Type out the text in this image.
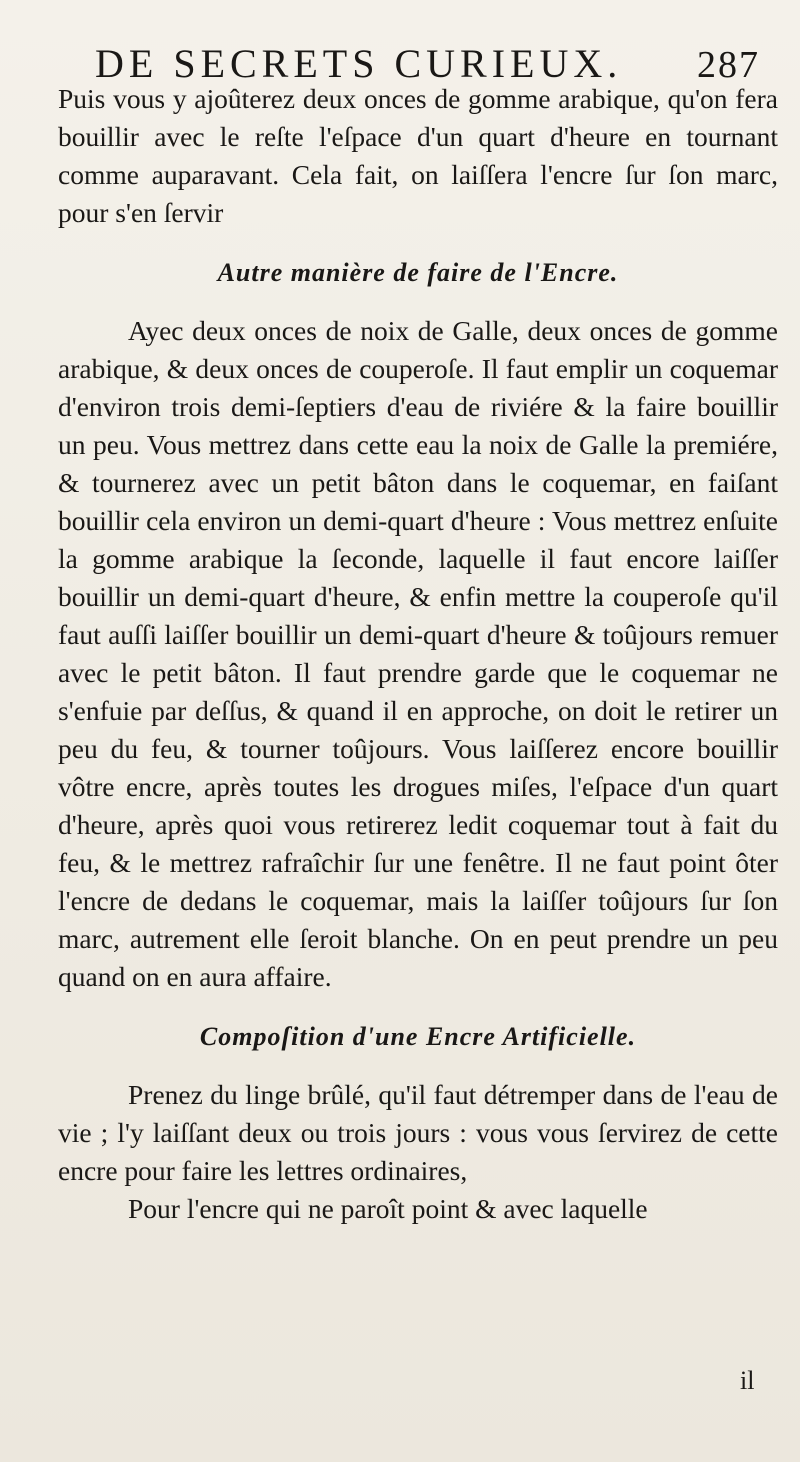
DE SECRETS CURIEUX.	287

Puis vous y ajoûterez deux onces de gomme arabique, qu'on fera bouillir avec le reſte l'eſpace d'un quart d'heure en tournant comme auparavant. Cela fait, on laiſſera l'encre ſur ſon marc, pour s'en ſervir

Autre manière de faire de l'Encre.

Ayec deux onces de noix de Galle, deux onces de gomme arabique, & deux onces de couperoſe. Il faut emplir un coquemar d'environ trois demi-ſeptiers d'eau de riviére & la faire bouillir un peu. Vous mettrez dans cette eau la noix de Galle la premiére, & tournerez avec un petit bâton dans le coquemar, en faiſant bouillir cela environ un demi-quart d'heure : Vous mettrez enſuite la gomme arabique la ſeconde, laquelle il faut encore laiſſer bouillir un demi-quart d'heure, & enfin mettre la couperoſe qu'il faut auſſi laiſſer bouillir un demi-quart d'heure & toûjours remuer avec le petit bâton. Il faut prendre garde que le coquemar ne s'enfuie par deſſus, & quand il en approche, on doit le retirer un peu du feu, & tourner toûjours. Vous laiſſerez encore bouillir vôtre encre, après toutes les drogues miſes, l'eſpace d'un quart d'heure, après quoi vous retirerez ledit coquemar tout à fait du feu, & le mettrez rafraîchir ſur une fenêtre. Il ne faut point ôter l'encre de dedans le coquemar, mais la laiſſer toûjours ſur ſon marc, autrement elle ſeroit blanche. On en peut prendre un peu quand on en aura affaire.

Compoſition d'une Encre Artificielle.

Prenez du linge brûlé, qu'il faut détremper dans de l'eau de vie ; l'y laiſſant deux ou trois jours : vous vous ſervirez de cette encre pour faire les lettres ordinaires,

Pour l'encre qui ne paroît point & avec laquelle

il
